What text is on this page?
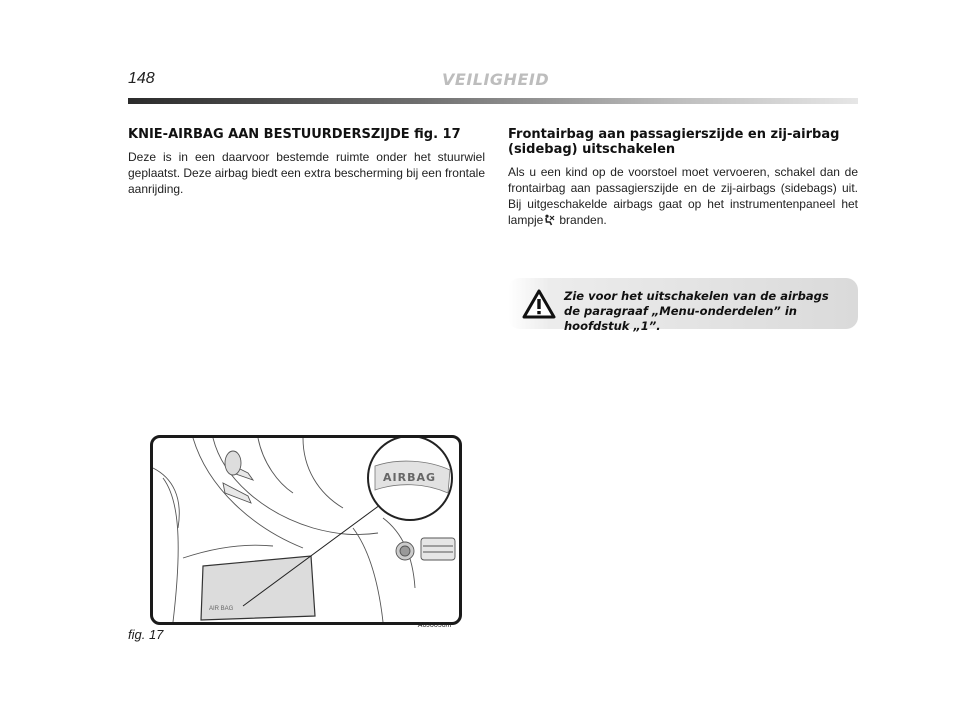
148	VEILIGHEID
KNIE-AIRBAG AAN BESTUURDERSZIJDE fig. 17

Deze is in een daarvoor bestemde ruimte onder het stuurwiel geplaatst. Deze airbag biedt een extra bescherming bij een frontale aanrijding.

Frontairbag aan passagierszijde en zij-airbag (sidebag) uitschakelen

Als u een kind op de voorstoel moet vervoeren, schakel dan de frontairbag aan passagierszijde en de zij-airbags (sidebags) uit. Bij uitgeschakelde airbags gaat op het instrumentenpaneel het lampje branden.

Zie voor het uitschakelen van de airbags de paragraaf „Menu-onderdelen” in hoofdstuk „1”.
AIR BAG
AIRBAG
fig. 17
A0J0056m
